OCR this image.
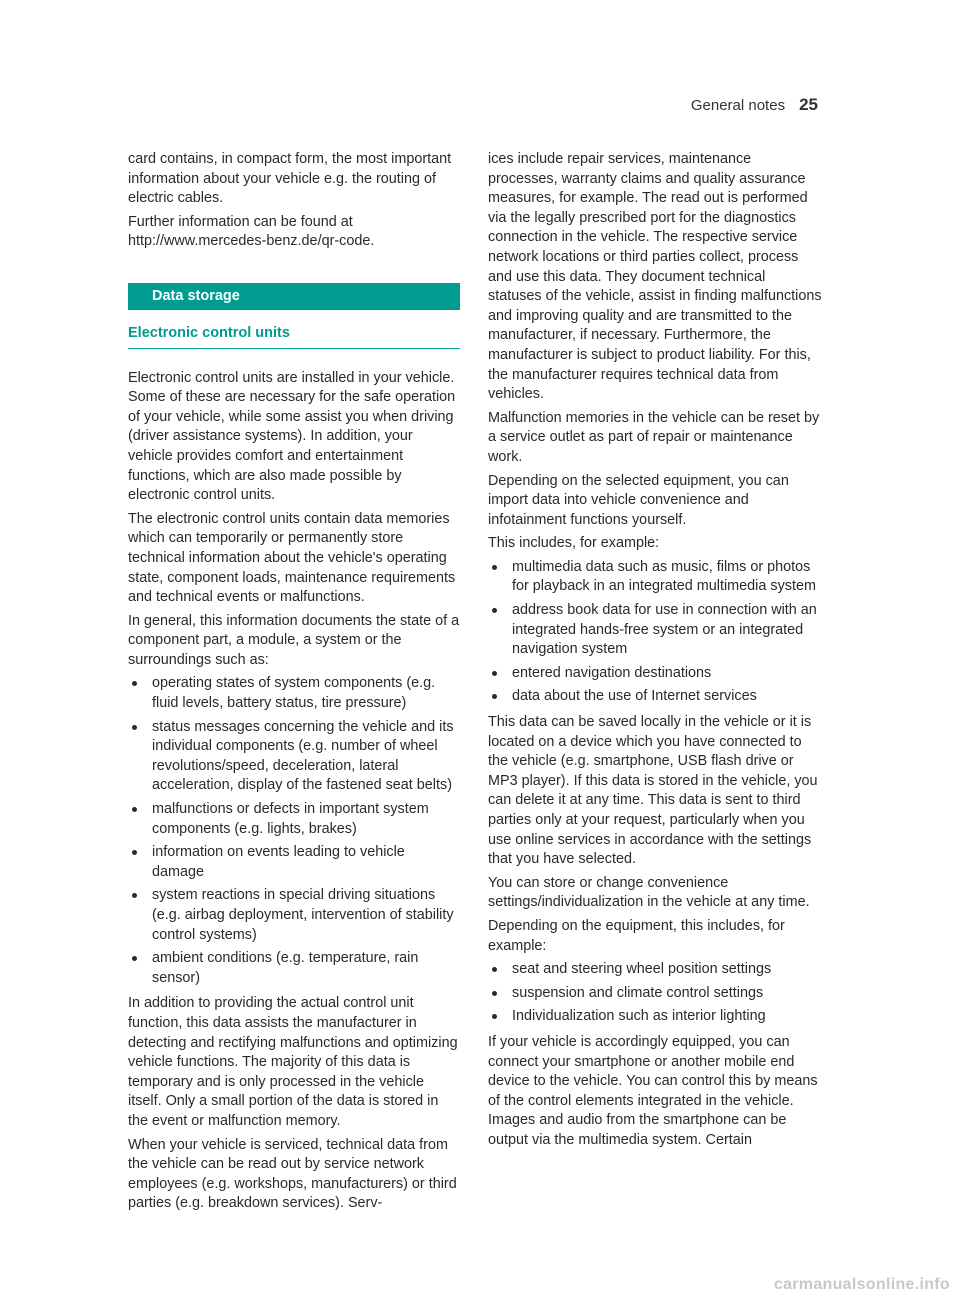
General notes 25

card contains, in compact form, the most important information about your vehicle e.g. the routing of electric cables.

Further information can be found at http://www.mercedes-benz.de/qr-code.

Data storage
Electronic control units

Electronic control units are installed in your vehicle. Some of these are necessary for the safe operation of your vehicle, while some assist you when driving (driver assistance systems). In addition, your vehicle provides comfort and entertainment functions, which are also made possible by electronic control units.

The electronic control units contain data memories which can temporarily or permanently store technical information about the vehicle's operating state, component loads, maintenance requirements and technical events or malfunctions.

In general, this information documents the state of a component part, a module, a system or the surroundings such as:

operating states of system components (e.g. fluid levels, battery status, tire pressure)
status messages concerning the vehicle and its individual components (e.g. number of wheel revolutions/speed, deceleration, lateral acceleration, display of the fastened seat belts)
malfunctions or defects in important system components (e.g. lights, brakes)
information on events leading to vehicle damage
system reactions in special driving situations (e.g. airbag deployment, intervention of stability control systems)
ambient conditions (e.g. temperature, rain sensor)

In addition to providing the actual control unit function, this data assists the manufacturer in detecting and rectifying malfunctions and optimizing vehicle functions. The majority of this data is temporary and is only processed in the vehicle itself. Only a small portion of the data is stored in the event or malfunction memory.

When your vehicle is serviced, technical data from the vehicle can be read out by service network employees (e.g. workshops, manufacturers) or third parties (e.g. breakdown services). Serv-

ices include repair services, maintenance processes, warranty claims and quality assurance measures, for example. The read out is performed via the legally prescribed port for the diagnostics connection in the vehicle. The respective service network locations or third parties collect, process and use this data. They document technical statuses of the vehicle, assist in finding malfunctions and improving quality and are transmitted to the manufacturer, if necessary. Furthermore, the manufacturer is subject to product liability. For this, the manufacturer requires technical data from vehicles.

Malfunction memories in the vehicle can be reset by a service outlet as part of repair or maintenance work.

Depending on the selected equipment, you can import data into vehicle convenience and infotainment functions yourself.

This includes, for example:

multimedia data such as music, films or photos for playback in an integrated multimedia system
address book data for use in connection with an integrated hands-free system or an integrated navigation system
entered navigation destinations
data about the use of Internet services

This data can be saved locally in the vehicle or it is located on a device which you have connected to the vehicle (e.g. smartphone, USB flash drive or MP3 player). If this data is stored in the vehicle, you can delete it at any time. This data is sent to third parties only at your request, particularly when you use online services in accordance with the settings that you have selected.

You can store or change convenience settings/individualization in the vehicle at any time.

Depending on the equipment, this includes, for example:

seat and steering wheel position settings
suspension and climate control settings
Individualization such as interior lighting

If your vehicle is accordingly equipped, you can connect your smartphone or another mobile end device to the vehicle. You can control this by means of the control elements integrated in the vehicle. Images and audio from the smartphone can be output via the multimedia system. Certain

carmanualsonline.info
